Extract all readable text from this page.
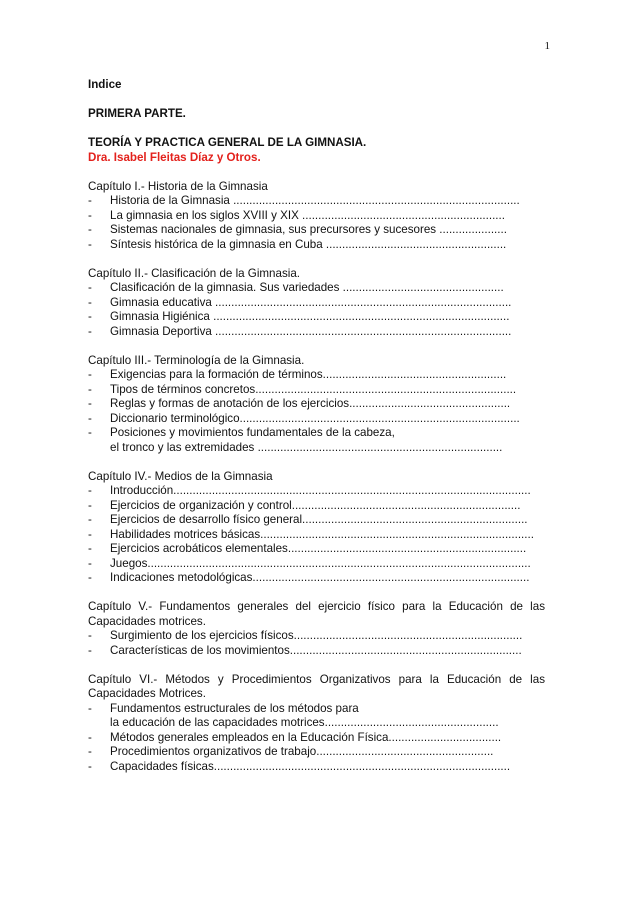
1
Indice
PRIMERA PARTE.
TEORÍA Y PRACTICA GENERAL DE LA GIMNASIA.
Dra. Isabel Fleitas Díaz y Otros.
Capítulo I.- Historia de la Gimnasia
-	Historia de la Gimnasia .........................................................................................
-	La gimnasia en los siglos XVIII y XIX ...............................................................
-	Sistemas nacionales de gimnasia, sus precursores y sucesores .....................
-	Síntesis histórica de la gimnasia en Cuba ........................................................
Capítulo II.- Clasificación de la Gimnasia.
-	Clasificación de la gimnasia. Sus variedades ..................................................
-	Gimnasia educativa ............................................................................................
-	Gimnasia Higiénica ............................................................................................
-	Gimnasia Deportiva ............................................................................................
Capítulo III.- Terminología de la Gimnasia.
-	Exigencias para la formación de términos.........................................................
-	Tipos de términos concretos.................................................................................
-	Reglas y formas de anotación de los ejercicios..................................................
-	Diccionario terminológico.......................................................................................
-	Posiciones y movimientos fundamentales de la cabeza,
el tronco y las extremidades ............................................................................
Capítulo IV.- Medios de la Gimnasia
-	Introducción...............................................................................................................
-	Ejercicios de organización y control.......................................................................
-	Ejercicios de desarrollo físico general......................................................................
-	Habilidades motrices básicas.....................................................................................
-	Ejercicios acrobáticos elementales..........................................................................
-	Juegos.......................................................................................................................
-	Indicaciones metodológicas......................................................................................
Capítulo V.- Fundamentos generales del ejercicio físico para la Educación de las
Capacidades motrices.
-	Surgimiento de los ejercicios físicos.......................................................................
-	Características de los movimientos........................................................................
Capítulo VI.- Métodos y Procedimientos Organizativos para la Educación de las
Capacidades Motrices.
-	Fundamentos estructurales de los métodos para
la educación de las capacidades motrices......................................................
-	Métodos generales empleados en la Educación Física...................................
-	Procedimientos organizativos de trabajo.......................................................
-	Capacidades físicas............................................................................................
